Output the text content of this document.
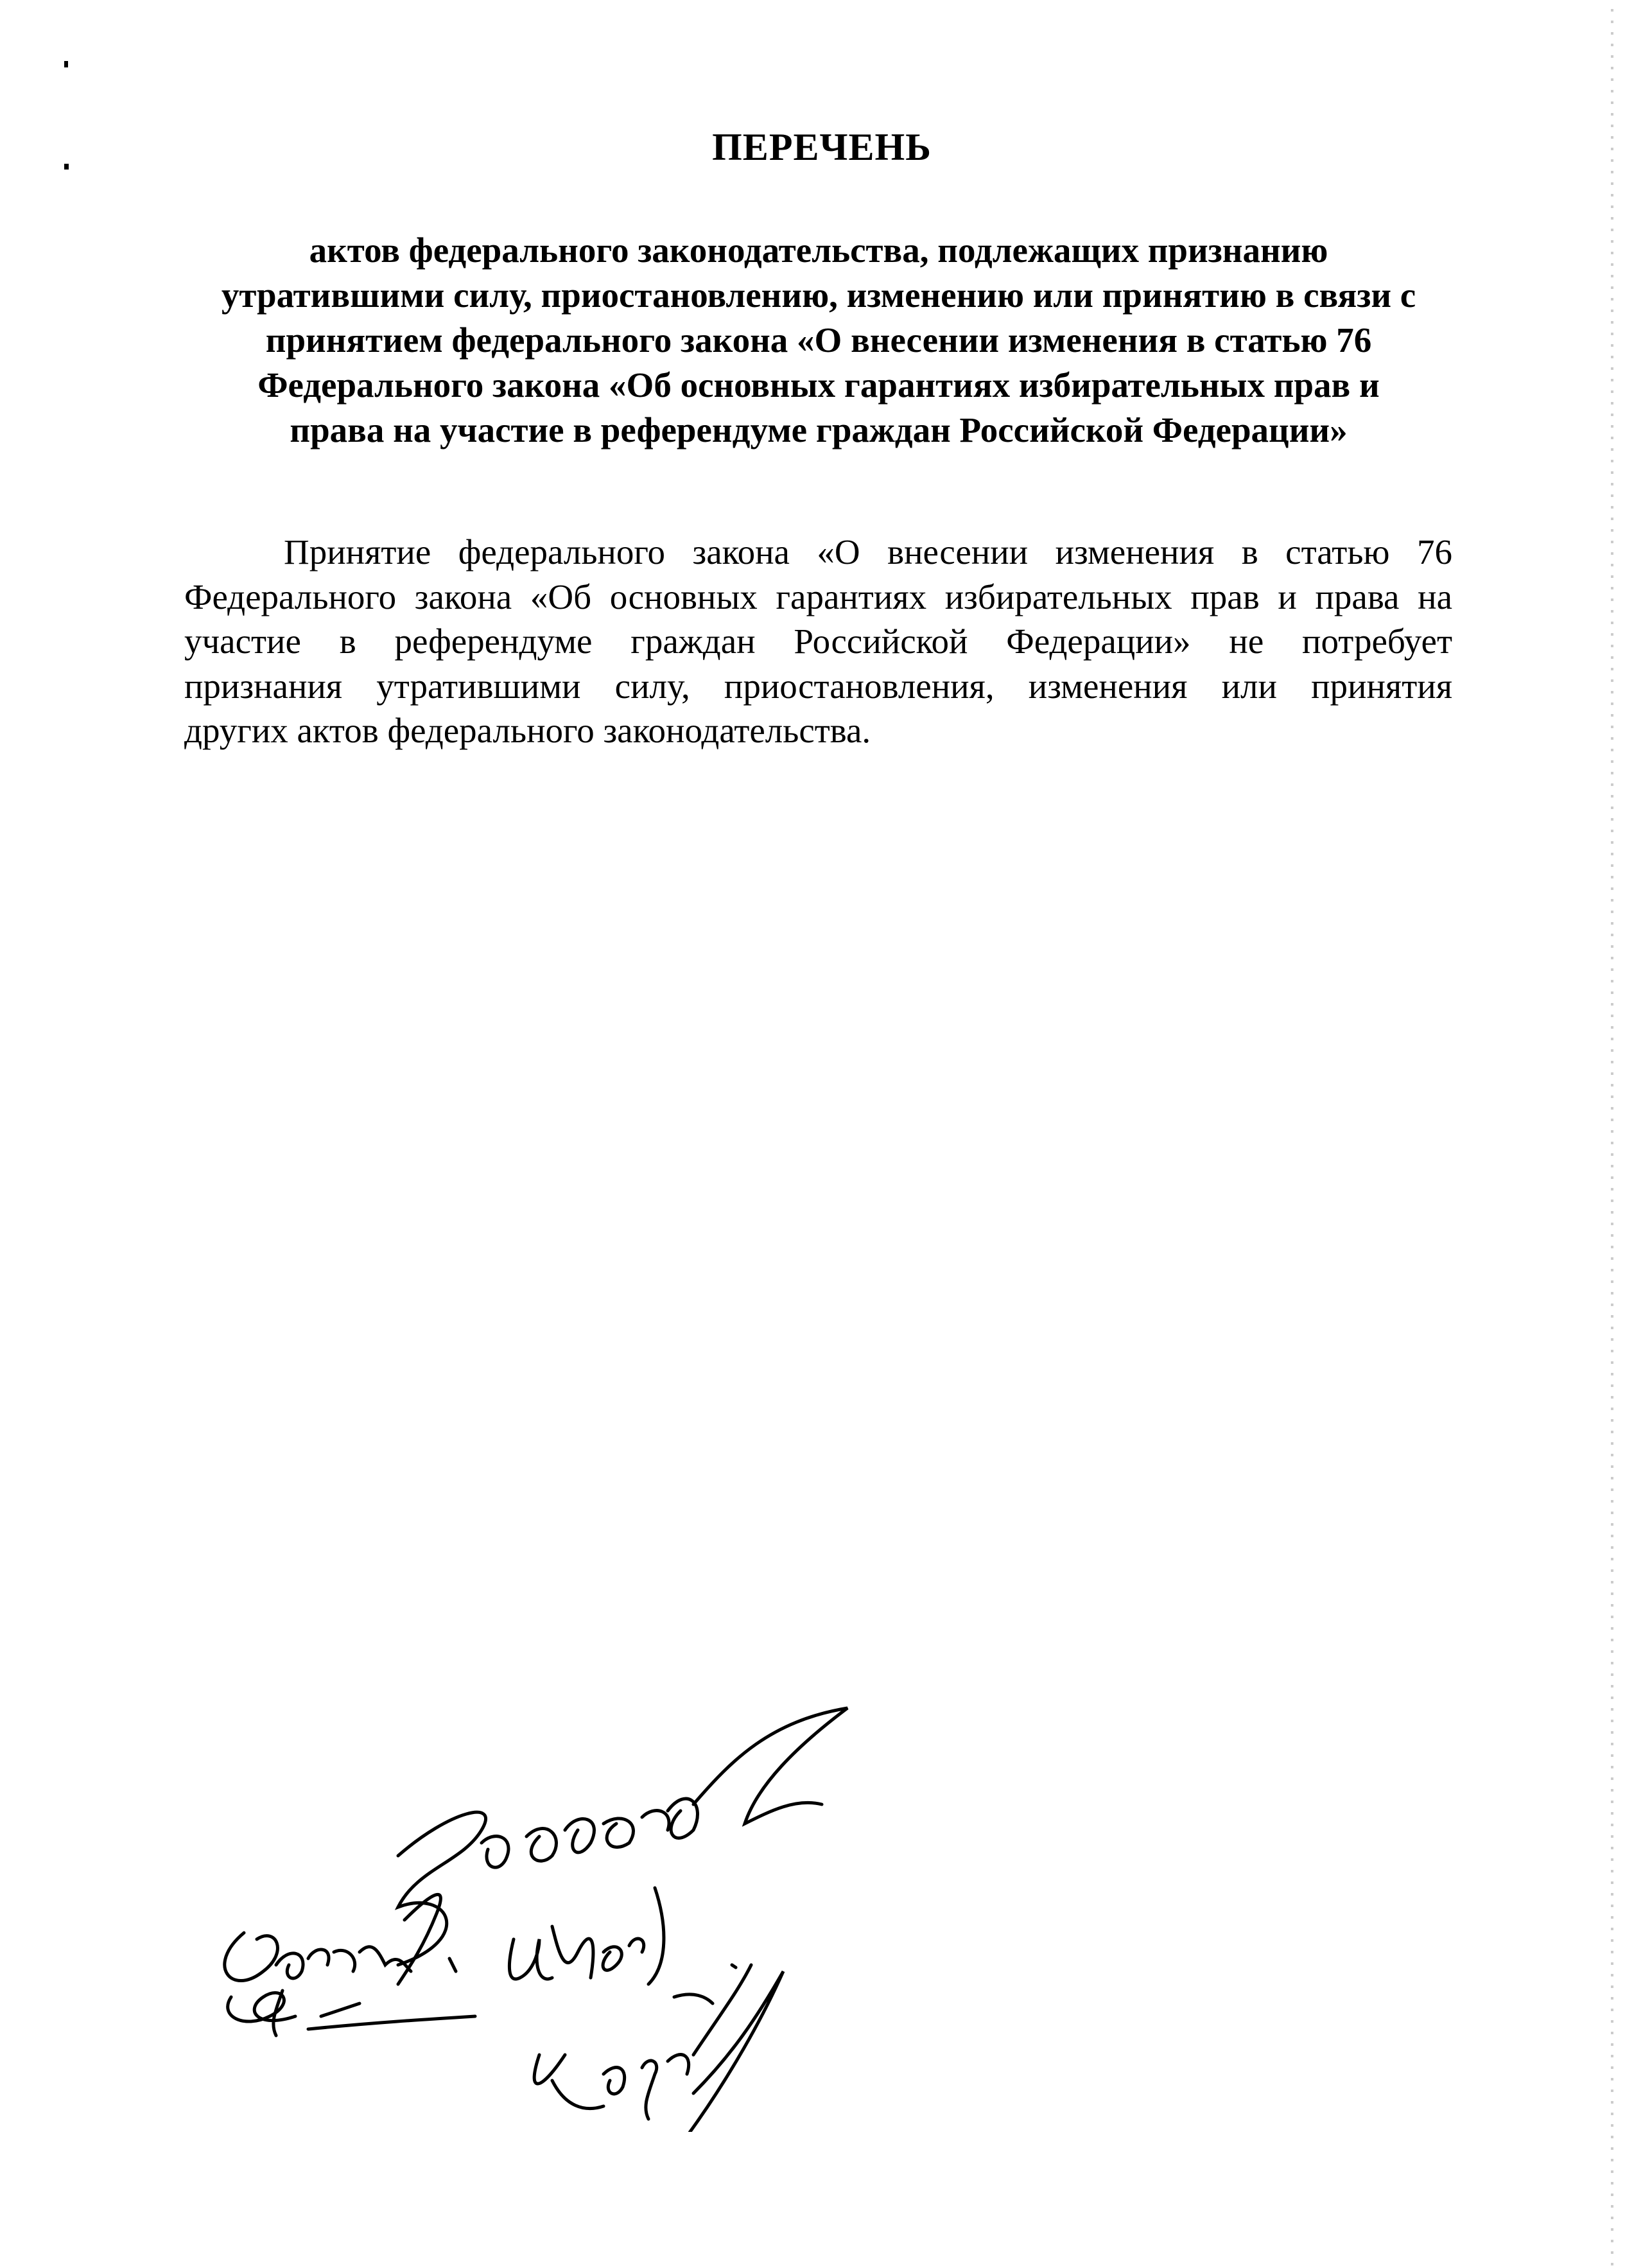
ПЕРЕЧЕНЬ
актов федерального законодательства, подлежащих признанию
утратившими силу, приостановлению, изменению или принятию в связи с
принятием федерального закона «О внесении изменения в статью 76
Федерального закона «Об основных гарантиях избирательных прав и
права на участие в референдуме граждан Российской Федерации»
Принятие федерального закона «О внесении изменения в статью 76
Федерального закона «Об основных гарантиях избирательных прав и права на
участие в референдуме граждан Российской Федерации» не потребует
признания утратившими силу, приостановления, изменения или принятия
других актов федерального законодательства.
